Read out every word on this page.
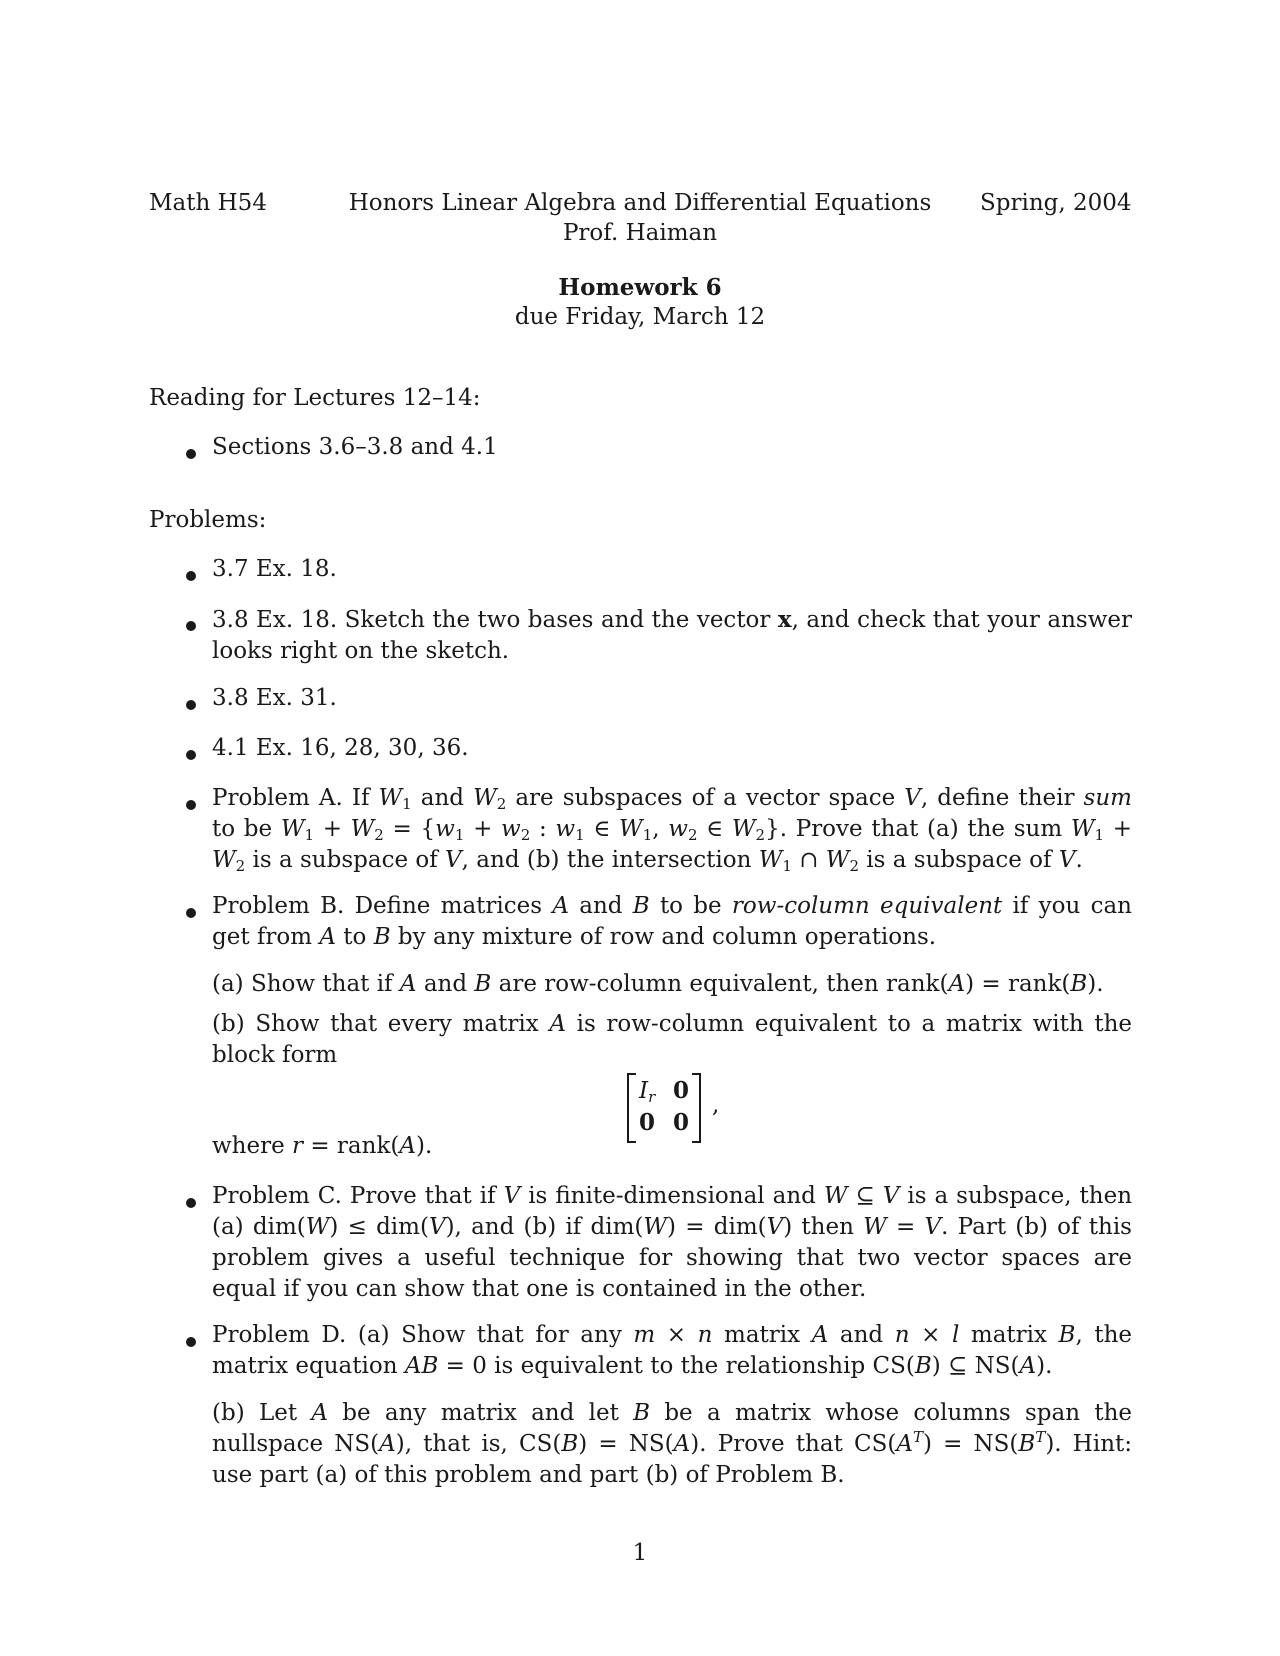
Math H54	Honors Linear Algebra and Differential Equations	Spring, 2004
Prof. Haiman
Homework 6
due Friday, March 12
Reading for Lectures 12–14:
Sections 3.6–3.8 and 4.1
Problems:
3.7 Ex. 18.
3.8 Ex. 18. Sketch the two bases and the vector x, and check that your answer looks right on the sketch.
3.8 Ex. 31.
4.1 Ex. 16, 28, 30, 36.
Problem A. If $W_1$ and $W_2$ are subspaces of a vector space V, define their sum to be $W_1 + W_2 = \{w_1 + w_2$ : $w_1$ ∈ $W_1$, $w_2$ ∈ $W_2$}. Prove that (a) the sum $W_1 + W_2$ is a subspace of V, and (b) the intersection $W_1$ ∩ $W_2$ is a subspace of V.
Problem B. Define matrices A and B to be row-column equivalent if you can get from A to B by any mixture of row and column operations.
(a) Show that if A and B are row-column equivalent, then rank(A) = rank(B).
(b) Show that every matrix A is row-column equivalent to a matrix with the block form
$I_r$ 0
0 0
,
where r = rank(A).
Problem C. Prove that if V is finite-dimensional and W ⊆ V is a subspace, then (a) dim(W) ≤ dim(V), and (b) if dim(W) = dim(V) then W = V. Part (b) of this problem gives a useful technique for showing that two vector spaces are equal if you can show that one is contained in the other.
Problem D. (a) Show that for any m × n matrix A and n × l matrix B, the matrix equation AB = 0 is equivalent to the relationship CS(B) ⊆ NS(A).
(b) Let A be any matrix and let B be a matrix whose columns span the nullspace NS(A), that is, CS(B) = NS(A). Prove that $CS(A^T) = NS(B^T)$. Hint: use part (a) of this problem and part (b) of Problem B.
1
